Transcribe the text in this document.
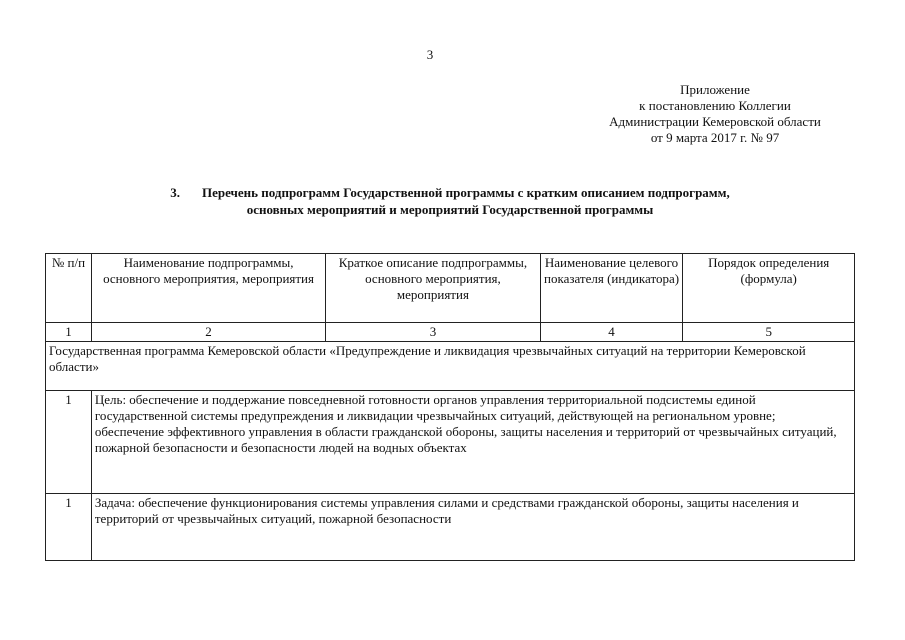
3
Приложение
к постановлению Коллегии
Администрации Кемеровской области
от 9 марта 2017 г. № 97
3. Перечень подпрограмм Государственной программы с кратким описанием подпрограмм,
основных мероприятий и мероприятий Государственной программы
№ п/п	Наименование подпрограммы, основного мероприятия, мероприятия	Краткое описание подпрограммы, основного мероприятия, мероприятия	Наименование целевого показателя (индикатора)	Порядок определения (формула)
1	2	3	4	5
Государственная программа Кемеровской области «Предупреждение и ликвидация чрезвычайных ситуаций на территории Кемеровской области»				
1	Цель: обеспечение и поддержание повседневной готовности органов управления территориальной подсистемы единой государственной системы предупреждения и ликвидации чрезвычайных ситуаций, действующей на региональном уровне;
обеспечение эффективного управления в области гражданской обороны, защиты населения и территорий от чрезвычайных ситуаций, пожарной безопасности и безопасности людей на водных объектах			

1	Задача: обеспечение функционирования системы управления силами и средствами гражданской обороны, защиты населения и территорий от чрезвычайных ситуаций, пожарной безопасности			
